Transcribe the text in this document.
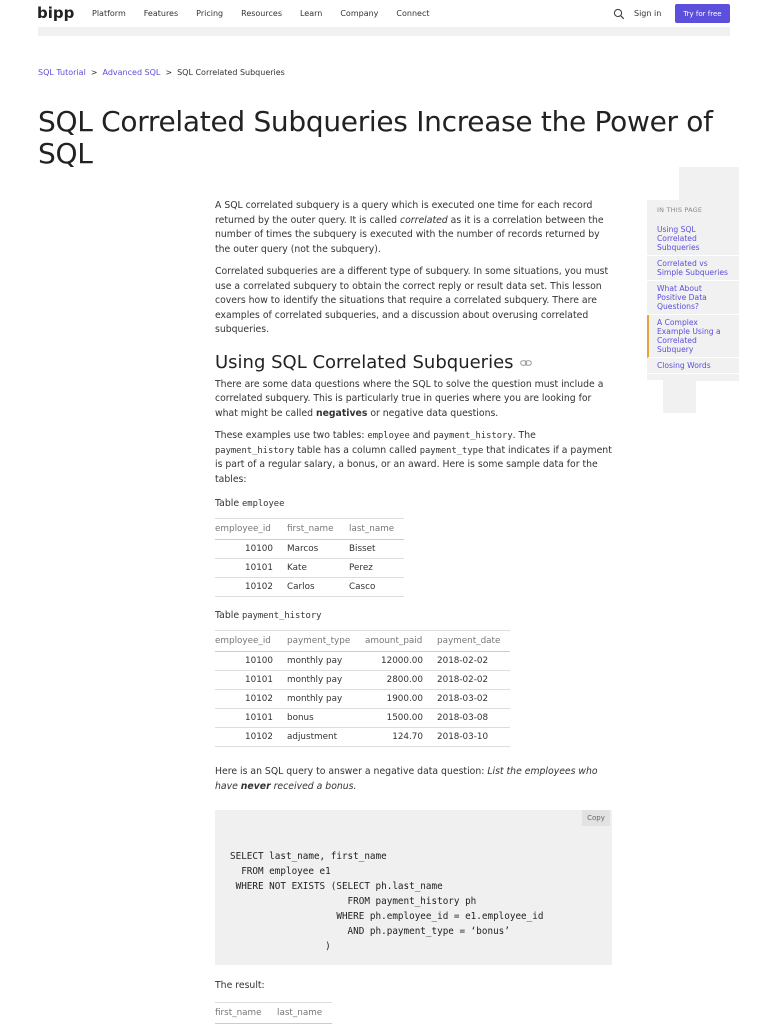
bipp Platform Features Pricing Resources Learn Company Connect	Sign in	Try for free
SQL Tutorial > Advanced SQL > SQL Correlated Subqueries
SQL Correlated Subqueries Increase the Power of SQL

A SQL correlated subquery is a query which is executed one time for each record returned by the outer query. It is called correlated as it is a correlation between the number of times the subquery is executed with the number of records returned by the outer query (not the subquery).

Correlated subqueries are a different type of subquery. In some situations, you must use a correlated subquery to obtain the correct reply or result data set. This lesson covers how to identify the situations that require a correlated subquery. There are examples of correlated subqueries, and a discussion about overusing correlated subqueries.

Using SQL Correlated Subqueries

There are some data questions where the SQL to solve the question must include a correlated subquery. This is particularly true in queries where you are looking for what might be called negatives or negative data questions.

These examples use two tables: employee and payment_history. The payment_history table has a column called payment_type that indicates if a payment is part of a regular salary, a bonus, or an award. Here is some sample data for the tables:

Table employee
employee_id	first_name	last_name
10100	Marcos	Bisset
10101	Kate	Perez
10102	Carlos	Casco
Table payment_history
employee_id	payment_type	amount_paid	payment_date
10100	monthly pay	12000.00	2018-02-02
10101	monthly pay	2800.00	2018-02-02
10102	monthly pay	1900.00	2018-03-02
10101	bonus	1500.00	2018-03-08
10102	adjustment	124.70	2018-03-10

Here is an SQL query to answer a negative data question: List the employees who have never received a bonus.

Copy
SELECT last_name, first_name
FROM employee e1
WHERE NOT EXISTS (SELECT ph.last_name
FROM payment_history ph
WHERE ph.employee_id = e1.employee_id
AND ph.payment_type = ‘bonus’
)

The result:

first_name	last_name
IN THIS PAGE
Using SQL Correlated Subqueries
Correlated vs Simple Subqueries
What About Positive Data Questions?
A Complex Example Using a Correlated Subquery
Closing Words
